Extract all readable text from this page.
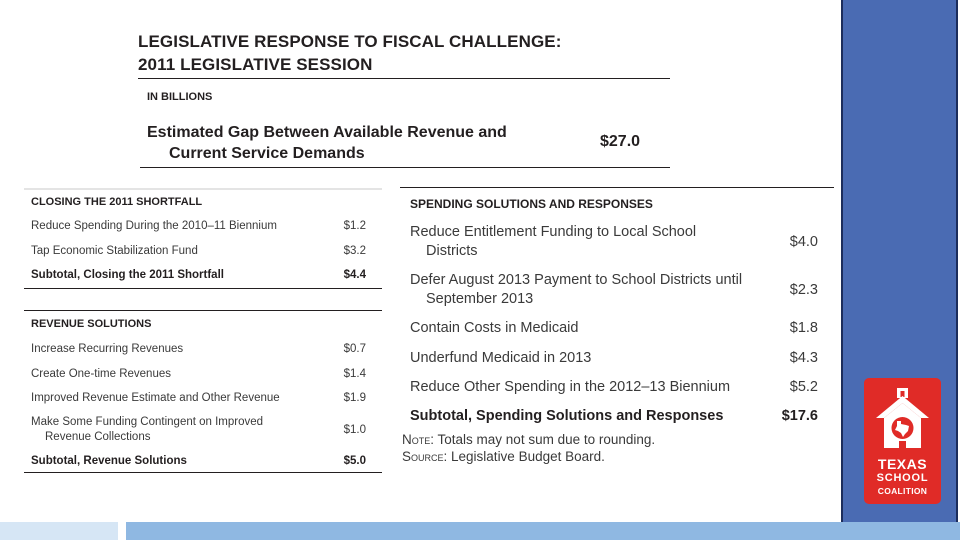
LEGISLATIVE RESPONSE TO FISCAL CHALLENGE:
2011 LEGISLATIVE SESSION
IN BILLIONS
Estimated Gap Between Available Revenue and
Current Service Demands
$27.0
CLOSING THE 2011 SHORTFALL
Reduce Spending During the 2010–11 Biennium	$1.2
Tap Economic Stabilization Fund	$3.2
Subtotal, Closing the 2011 Shortfall	$4.4
REVENUE SOLUTIONS
Increase Recurring Revenues	$0.7
Create One-time Revenues	$1.4
Improved Revenue Estimate and Other Revenue	$1.9
Make Some Funding Contingent on Improved
Revenue Collections
$1.0
Subtotal, Revenue Solutions	$5.0
SPENDING SOLUTIONS AND RESPONSES
Reduce Entitlement Funding to Local School
Districts
$4.0
Defer August 2013 Payment to School Districts until
September 2013
$2.3
Contain Costs in Medicaid	$1.8
Underfund Medicaid in 2013	$4.3
Reduce Other Spending in the 2012–13 Biennium	$5.2
Subtotal, Spending Solutions and Responses	$17.6
Note: Totals may not sum due to rounding.
Source: Legislative Budget Board.	TEXAS
SCHOOL
COALITION
